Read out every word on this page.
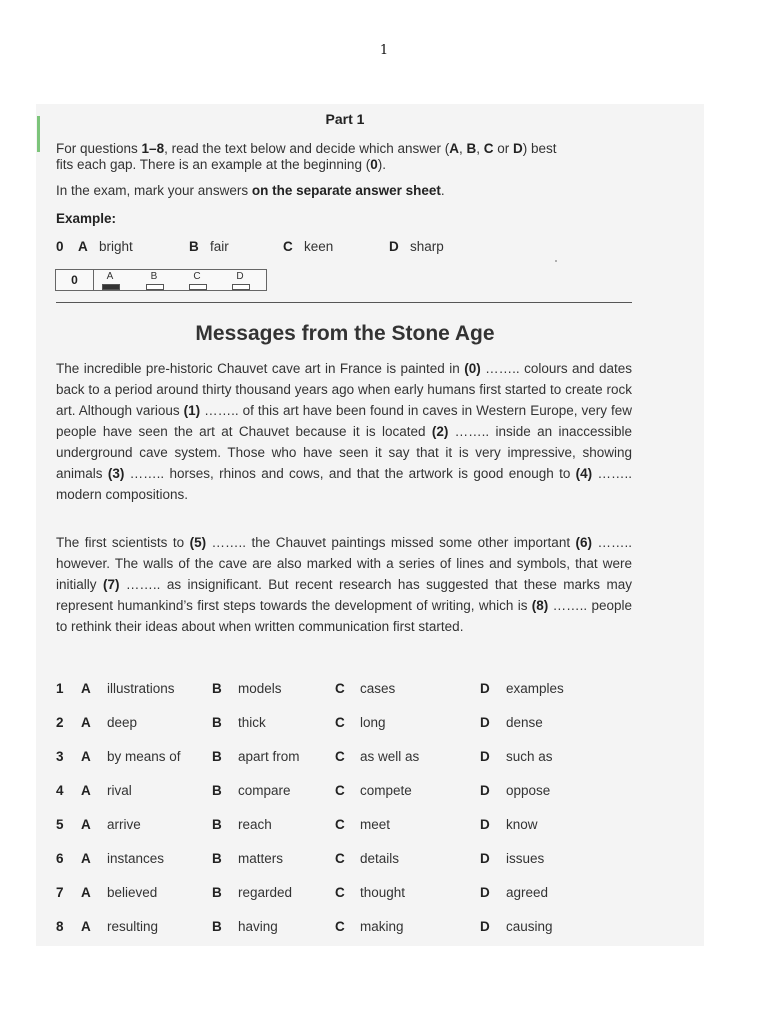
1
Part 1
For questions 1–8, read the text below and decide which answer (A, B, C or D) best
fits each gap. There is an example at the beginning (0).
In the exam, mark your answers on the separate answer sheet.
Example:
0 A bright	B fair	C keen	D sharp
0	A	B	C	D
Messages from the Stone Age
The incredible pre-historic Chauvet cave art in France is painted in (0) …….. colours and dates back to a period around thirty thousand years ago when early humans first started to create rock art. Although various (1) …….. of this art have been found in caves in Western Europe, very few people have seen the art at Chauvet because it is located (2) …….. inside an inaccessible underground cave system. Those who have seen it say that it is very impressive, showing animals (3) …….. horses, rhinos and cows, and that the artwork is good enough to (4) …….. modern compositions.
The first scientists to (5) …….. the Chauvet paintings missed some other important (6) …….. however. The walls of the cave are also marked with a series of lines and symbols, that were initially (7) …….. as insignificant. But recent research has suggested that these marks may represent humankind’s first steps towards the development of writing, which is (8) …….. people to rethink their ideas about when written communication first started.
1 A illustrations	B models	C cases	D examples
2 A deep	B thick	C long	D dense
3 A by means of B apart from	C as well as	D such as
4 A rival	B compare	C compete	D oppose
5 A arrive	B reach	C meet	D know
6 A instances	B matters	C details	D issues
7 A believed	B regarded	C thought	D agreed
8 A resulting	B having	C making	D causing
